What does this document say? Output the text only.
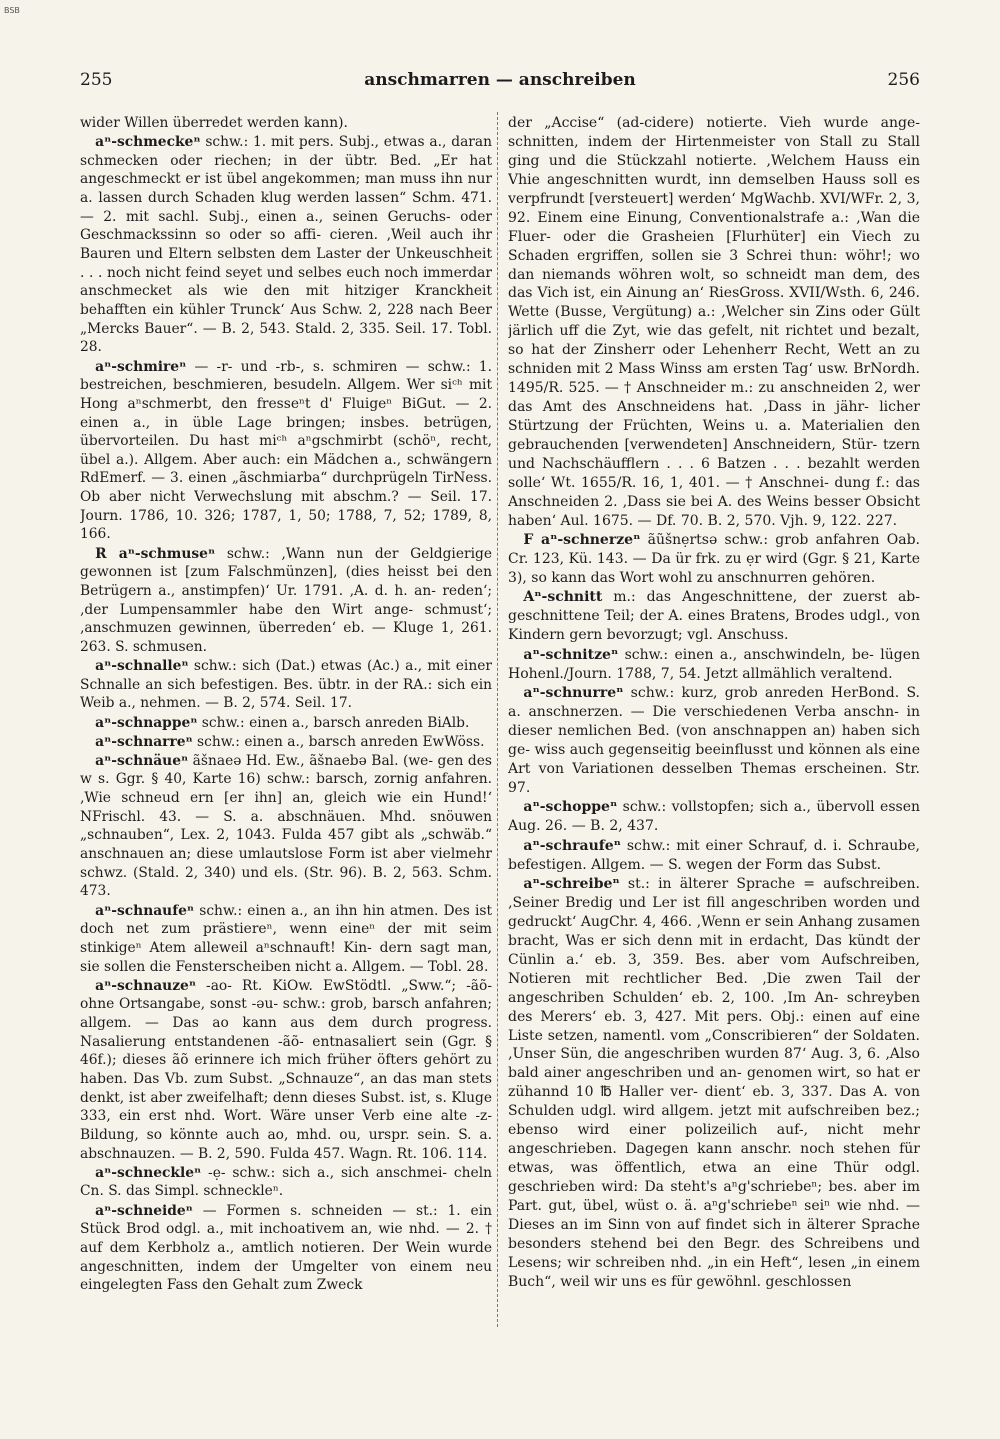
BSB
255	anschmarren — anschreiben	256

wider Willen überredet werden kann).

aⁿ-schmeckeⁿ schw.: 1. mit pers. Subj., etwas a., daran schmecken oder riechen; in der übtr. Bed. „Er hat angeschmeckt er ist übel angekommen; man muss ihn nur a. lassen durch Schaden klug werden lassen“ Schm. 471. — 2. mit sachl. Subj., einen a., seinen Geruchs- oder Geschmackssinn so oder so affi- cieren. ‚Weil auch ihr Bauren und Eltern selbsten dem Laster der Unkeuschheit . . . noch nicht feind seyet und selbes euch noch immerdar anschmecket als wie den mit hitziger Kranckheit behafften ein kühler Trunck‘ Aus Schw. 2, 228 nach Beer „Mercks Bauer“. — B. 2, 543. Stald. 2, 335. Seil. 17. Tobl. 28.

aⁿ-schmireⁿ — -r- und -rb-, s. schmiren — schw.: 1. bestreichen, beschmieren, besudeln. Allgem. Wer siᶜʰ mit Hong aⁿschmerbt, den fresseⁿt d' Fluigeⁿ BiGut. — 2. einen a., in üble Lage bringen; insbes. betrügen, übervorteilen. Du hast miᶜʰ aⁿgschmirbt (schöⁿ, recht, übel a.). Allgem. Aber auch: ein Mädchen a., schwängern RdEmerf. — 3. einen „ãschmiarba“ durchprügeln TirNess. Ob aber nicht Verwechslung mit abschm.? — Seil. 17. Journ. 1786, 10. 326; 1787, 1, 50; 1788, 7, 52; 1789, 8, 166.

R aⁿ-schmuseⁿ schw.: ‚Wann nun der Geldgierige gewonnen ist [zum Falschmünzen], (dies heisst bei den Betrügern a., anstimpfen)‘ Ur. 1791. ‚A. d. h. an- reden‘; ‚der Lumpensammler habe den Wirt ange- schmust‘; ‚anschmuzen gewinnen, überreden‘ eb. — Kluge 1, 261. 263. S. schmusen.

aⁿ-schnalleⁿ schw.: sich (Dat.) etwas (Ac.) a., mit einer Schnalle an sich befestigen. Bes. übtr. in der RA.: sich ein Weib a., nehmen. — B. 2, 574. Seil. 17.

aⁿ-schnappeⁿ schw.: einen a., barsch anreden BiAlb.

aⁿ-schnarreⁿ schw.: einen a., barsch anreden EwWöss.

aⁿ-schnäueⁿ ãšnaeə Hd. Ew., ãšnaebə Bal. (we- gen des w s. Ggr. § 40, Karte 16) schw.: barsch, zornig anfahren. ‚Wie schneud ern [er ihn] an, gleich wie ein Hund!‘ NFrischl. 43. — S. a. abschnäuen. Mhd. snöuwen „schnauben“, Lex. 2, 1043. Fulda 457 gibt als „schwäb.“ anschnauen an; diese umlautslose Form ist aber vielmehr schwz. (Stald. 2, 340) und els. (Str. 96). B. 2, 563. Schm. 473.

aⁿ-schnaufeⁿ schw.: einen a., an ihn hin atmen. Des ist doch net zum prästiereⁿ, wenn eineⁿ der mit seim stinkigeⁿ Atem alleweil aⁿschnauft! Kin- dern sagt man, sie sollen die Fensterscheiben nicht a. Allgem. — Tobl. 28.

aⁿ-schnauzeⁿ -ao- Rt. KiOw. EwStödtl. „Sww.“; -ãõ- ohne Ortsangabe, sonst -əu- schw.: grob, barsch anfahren; allgem. — Das ao kann aus dem durch progress. Nasalierung entstandenen -ãõ- entnasaliert sein (Ggr. § 46f.); dieses ãõ erinnere ich mich früher öfters gehört zu haben. Das Vb. zum Subst. „Schnauze“, an das man stets denkt, ist aber zweifelhaft; denn dieses Subst. ist, s. Kluge 333, ein erst nhd. Wort. Wäre unser Verb eine alte -z-Bildung, so könnte auch ao, mhd. ou, urspr. sein. S. a. abschnauzen. — B. 2, 590. Fulda 457. Wagn. Rt. 106. 114.

aⁿ-schneckleⁿ -ẹ- schw.: sich a., sich anschmei- cheln Cn. S. das Simpl. schneckleⁿ.

aⁿ-schneideⁿ — Formen s. schneiden — st.: 1. ein Stück Brod odgl. a., mit inchoativem an, wie nhd. — 2. † auf dem Kerbholz a., amtlich notieren. Der Wein wurde angeschnitten, indem der Umgelter von einem neu eingelegten Fass den Gehalt zum Zweck

der „Accise“ (ad-cidere) notierte. Vieh wurde ange- schnitten, indem der Hirtenmeister von Stall zu Stall ging und die Stückzahl notierte. ‚Welchem Hauss ein Vhie angeschnitten wurdt, inn demselben Hauss soll es verpfrundt [versteuert] werden‘ MgWachb. XVI/WFr. 2, 3, 92. Einem eine Einung, Conventionalstrafe a.: ‚Wan die Fluer- oder die Grasheien [Flurhüter] ein Viech zu Schaden ergriffen, sollen sie 3 Schrei thun: wöhr!; wo dan niemands wöhren wolt, so schneidt man dem, des das Vich ist, ein Ainung an‘ RiesGross. XVII/Wsth. 6, 246. Wette (Busse, Vergütung) a.: ‚Welcher sin Zins oder Gült järlich uff die Zyt, wie das gefelt, nit richtet und bezalt, so hat der Zinsherr oder Lehenherr Recht, Wett an zu schniden mit 2 Mass Winss am ersten Tag‘ usw. BrNordh. 1495/R. 525. — † Anschneider m.: zu anschneiden 2, wer das Amt des Anschneidens hat. ‚Dass in jähr- licher Stürtzung der Früchten, Weins u. a. Materialien den gebrauchenden [verwendeten] Anschneidern, Stür- tzern und Nachschäufflern . . . 6 Batzen . . . bezahlt werden solle‘ Wt. 1655/R. 16, 1, 401. — † Anschnei- dung f.: das Anschneiden 2. ‚Dass sie bei A. des Weins besser Obsicht haben‘ Aul. 1675. — Df. 70. B. 2, 570. Vjh. 9, 122. 227.

F aⁿ-schnerzeⁿ ãũšnẹrtsə schw.: grob anfahren Oab. Cr. 123, Kü. 143. — Da ür frk. zu ẹr wird (Ggr. § 21, Karte 3), so kann das Wort wohl zu anschnurren gehören.

Aⁿ-schnitt m.: das Angeschnittene, der zuerst ab- geschnittene Teil; der A. eines Bratens, Brodes udgl., von Kindern gern bevorzugt; vgl. Anschuss.

aⁿ-schnitzeⁿ schw.: einen a., anschwindeln, be- lügen Hohenl./Journ. 1788, 7, 54. Jetzt allmählich veraltend.

aⁿ-schnurreⁿ schw.: kurz, grob anreden HerBond. S. a. anschnerzen. — Die verschiedenen Verba anschn- in dieser nemlichen Bed. (von anschnappen an) haben sich ge- wiss auch gegenseitig beeinflusst und können als eine Art von Variationen desselben Themas erscheinen. Str. 97.

aⁿ-schoppeⁿ schw.: vollstopfen; sich a., übervoll essen Aug. 26. — B. 2, 437.

aⁿ-schraufeⁿ schw.: mit einer Schrauf, d. i. Schraube, befestigen. Allgem. — S. wegen der Form das Subst.

aⁿ-schreibeⁿ st.: in älterer Sprache = aufschreiben. ‚Seiner Bredig und Ler ist fill angeschriben worden und gedruckt‘ AugChr. 4, 466. ‚Wenn er sein Anhang zusamen bracht, Was er sich denn mit in erdacht, Das kündt der Cünlin a.‘ eb. 3, 359. Bes. aber vom Aufschreiben, Notieren mit rechtlicher Bed. ‚Die zwen Tail der angeschriben Schulden‘ eb. 2, 100. ‚Im An- schreyben des Merers‘ eb. 3, 427. Mit pers. Obj.: einen auf eine Liste setzen, namentl. vom „Conscribieren“ der Soldaten. ‚Unser Sün, die angeschriben wurden 87‘ Aug. 3, 6. ‚Also bald ainer angeschriben und an- genomen wirt, so hat er zühannd 10 ℔ Haller ver- dient‘ eb. 3, 337. Das A. von Schulden udgl. wird allgem. jetzt mit aufschreiben bez.; ebenso wird einer polizeilich auf-, nicht mehr angeschrieben. Dagegen kann anschr. noch stehen für etwas, was öffentlich, etwa an eine Thür odgl. geschrieben wird: Da steht's aⁿg'schriebeⁿ; bes. aber im Part. gut, übel, wüst o. ä. aⁿg'schriebeⁿ seiⁿ wie nhd. — Dieses an im Sinn von auf findet sich in älterer Sprache besonders stehend bei den Begr. des Schreibens und Lesens; wir schreiben nhd. „in ein Heft“, lesen „in einem Buch“, weil wir uns es für gewöhnl. geschlossen
